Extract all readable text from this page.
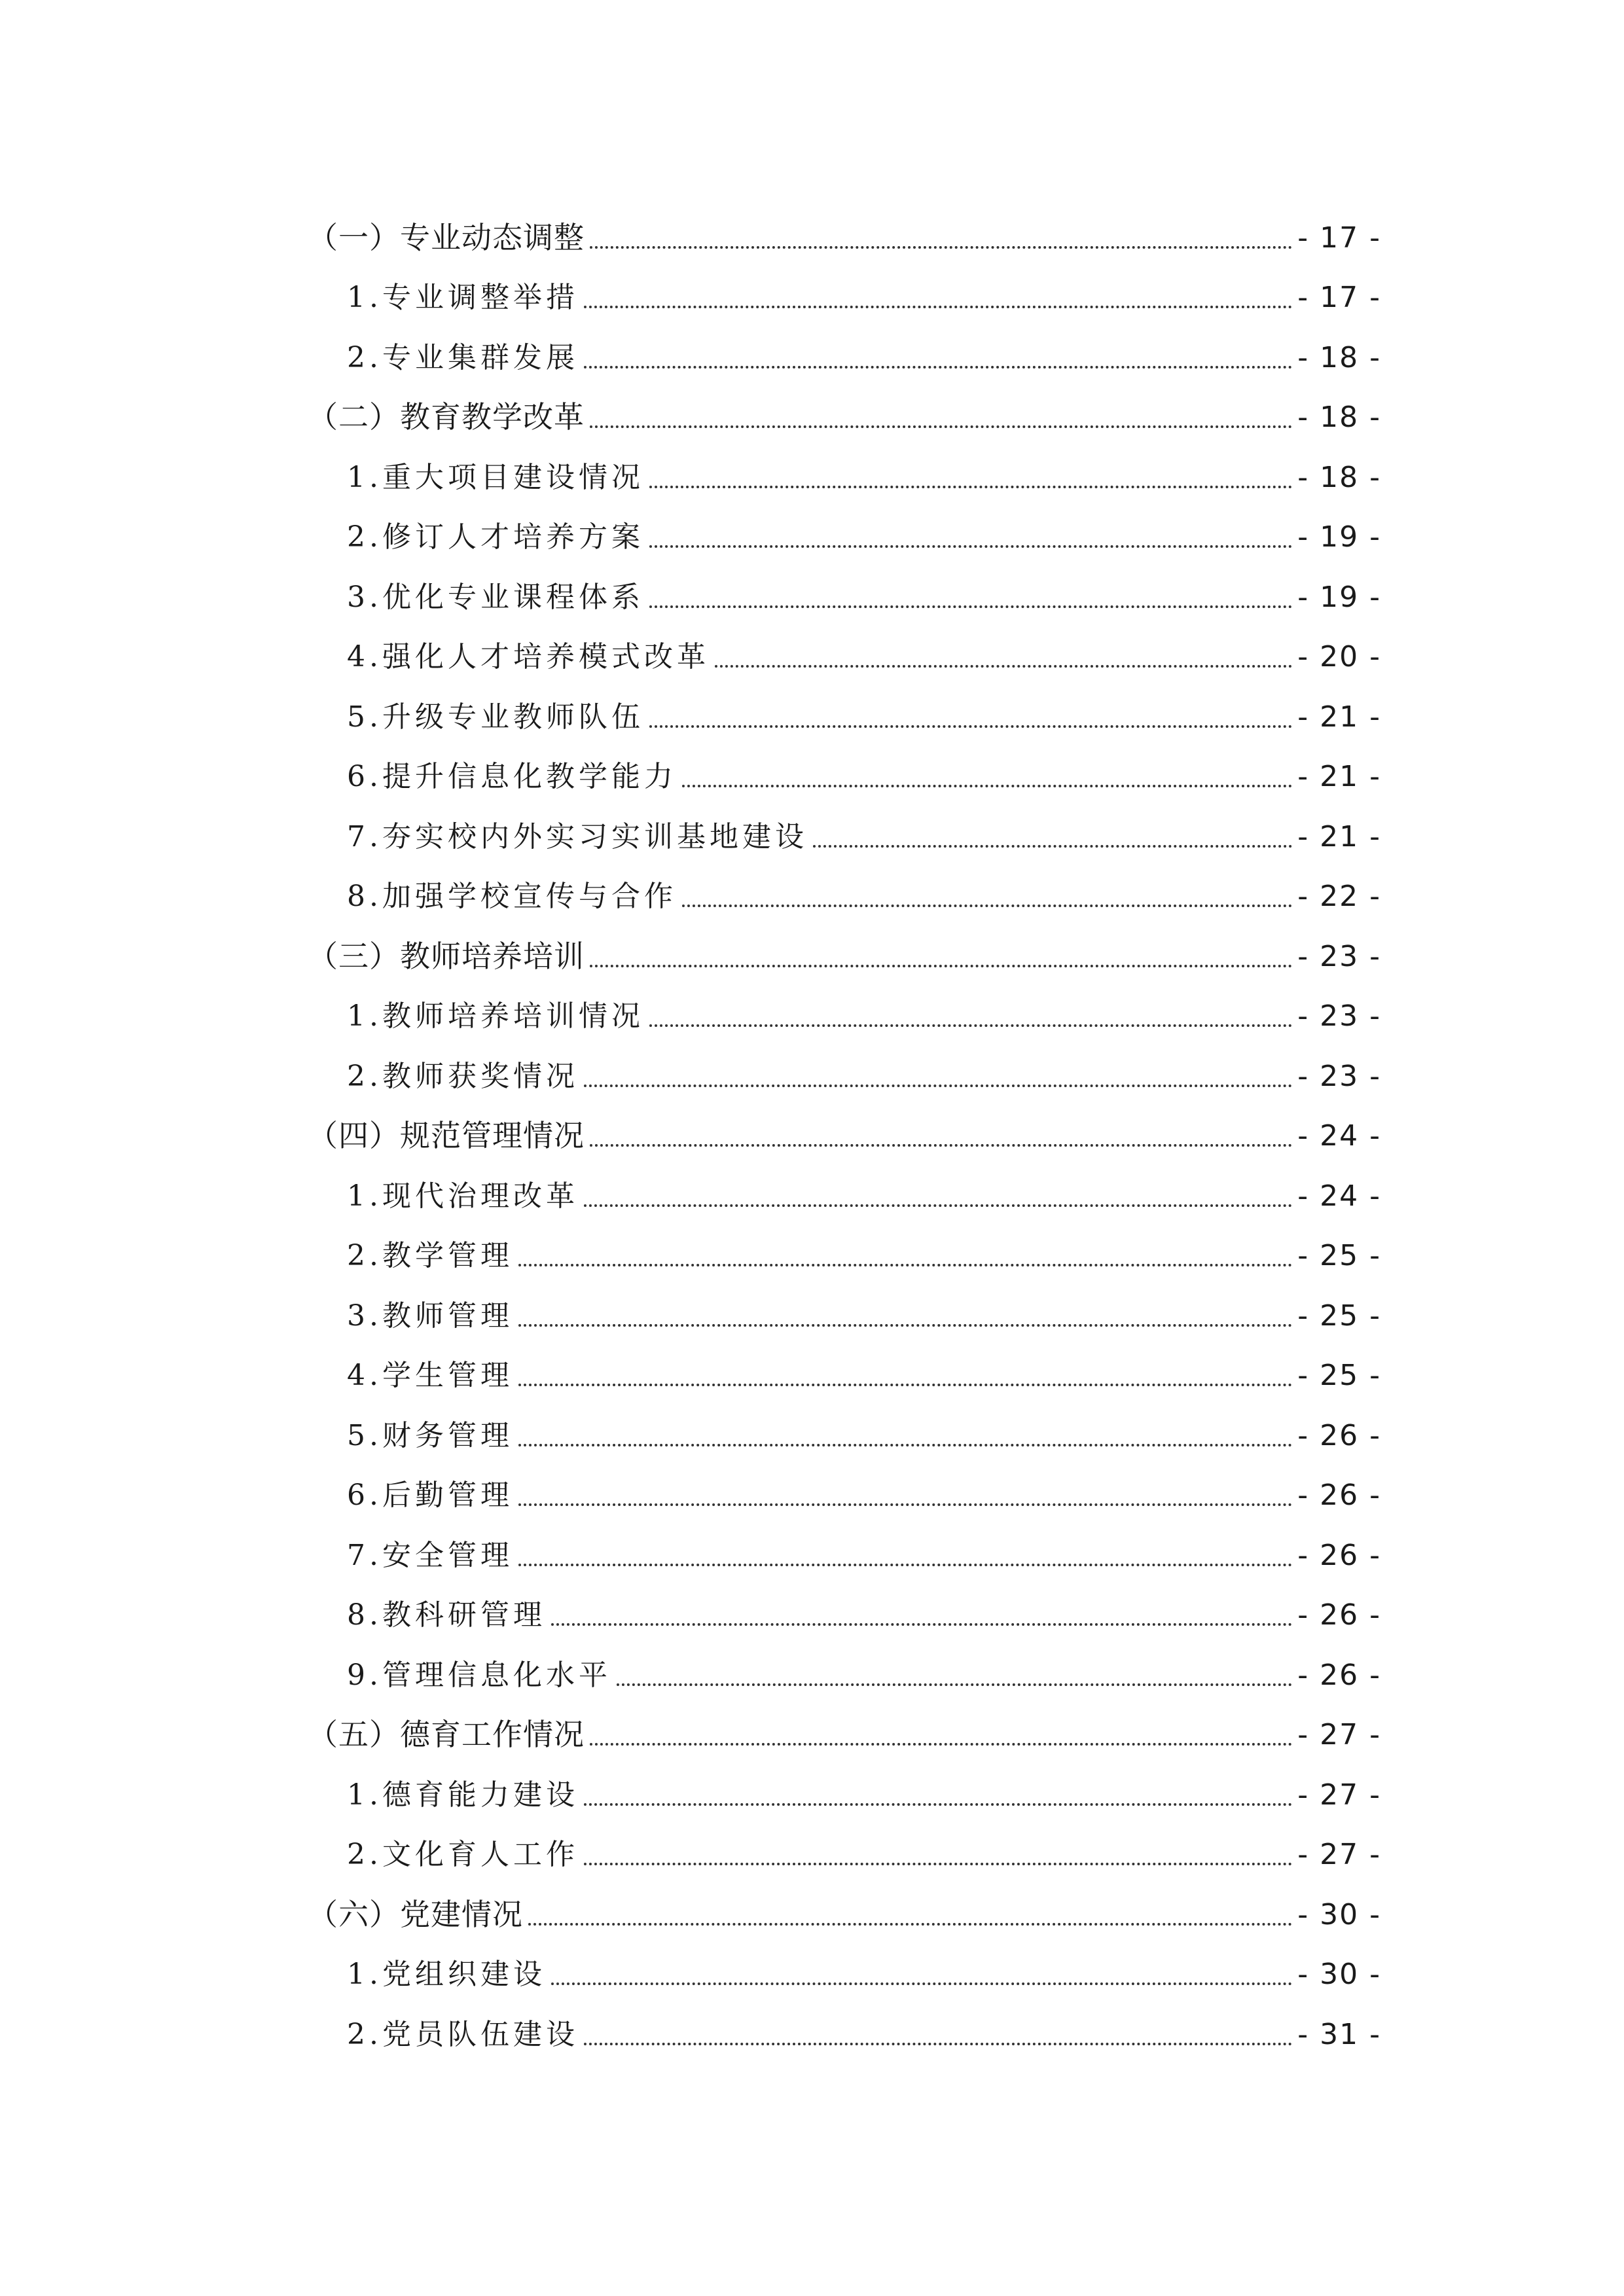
（一）专业动态调整	- 17 -
1.专业调整举措	- 17 -
2.专业集群发展	- 18 -
（二）教育教学改革	- 18 -
1.重大项目建设情况	- 18 -
2.修订人才培养方案	- 19 -
3.优化专业课程体系	- 19 -
4.强化人才培养模式改革	- 20 -
5.升级专业教师队伍	- 21 -
6.提升信息化教学能力	- 21 -
7.夯实校内外实习实训基地建设	- 21 -
8.加强学校宣传与合作	- 22 -
（三）教师培养培训	- 23 -
1.教师培养培训情况	- 23 -
2.教师获奖情况	- 23 -
（四）规范管理情况	- 24 -
1.现代治理改革	- 24 -
2.教学管理	- 25 -
3.教师管理	- 25 -
4.学生管理	- 25 -
5.财务管理	- 26 -
6.后勤管理	- 26 -
7.安全管理	- 26 -
8.教科研管理	- 26 -
9.管理信息化水平	- 26 -
（五）德育工作情况	- 27 -
1.德育能力建设	- 27 -
2.文化育人工作	- 27 -
（六）党建情况	- 30 -
1.党组织建设	- 30 -
2.党员队伍建设	- 31 -
